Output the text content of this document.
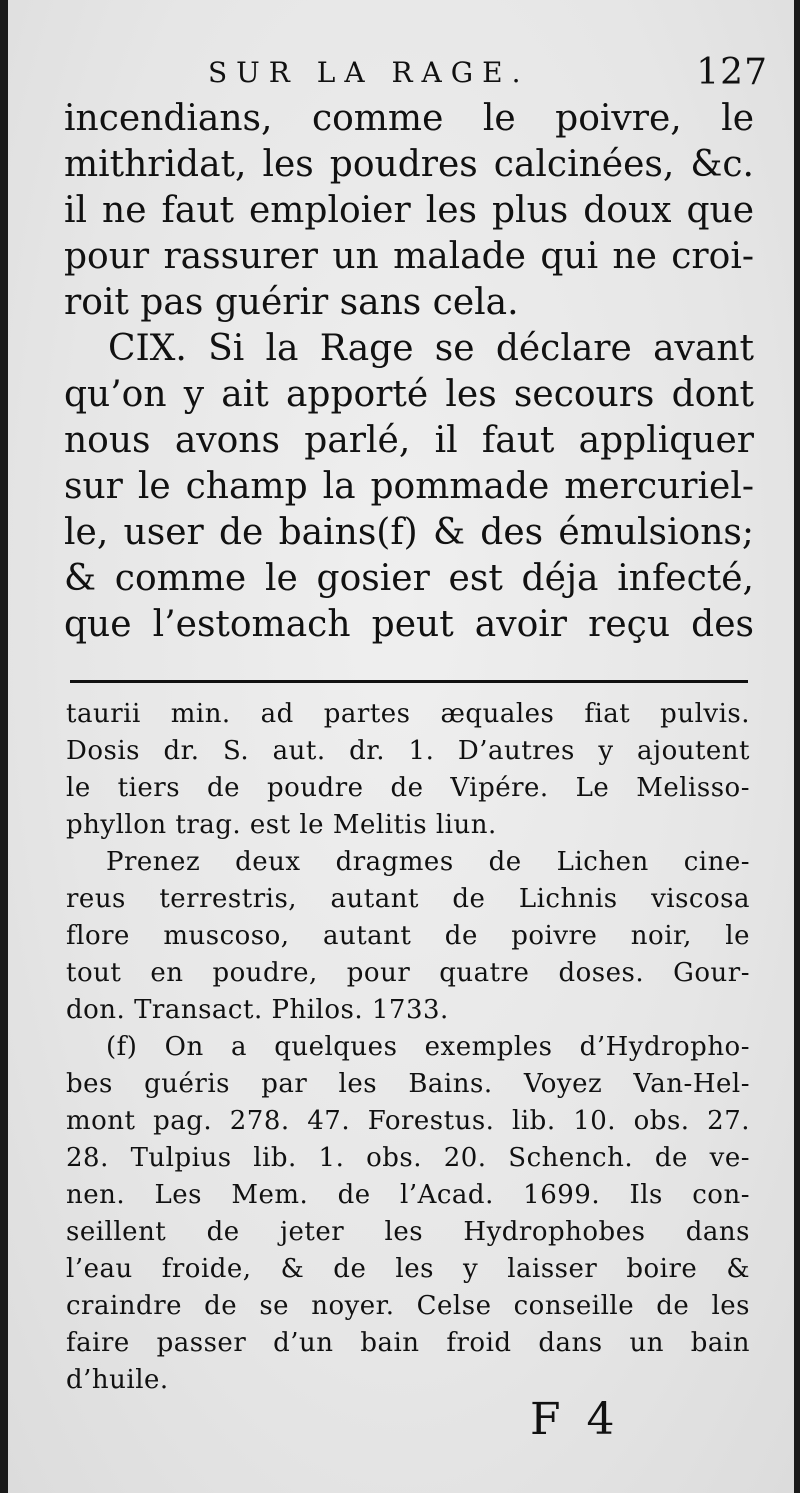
SUR LA RAGE.	127
incendians, comme le poivre, le
mithridat, les poudres calcinées, &c.
il ne faut emploier les plus doux que
pour rassurer un malade qui ne croi-
roit pas guérir sans cela.
CIX. Si la Rage se déclare avant
qu’on y ait apporté les secours dont
nous avons parlé, il faut appliquer
sur le champ la pommade mercuriel-
le, user de bains(f) & des émulsions;
& comme le gosier est déja infecté,
que l’estomach peut avoir reçu des
taurii min. ad partes æquales fiat pulvis.
Dosis dr. S. aut. dr. 1. D’autres y ajoutent
le tiers de poudre de Vipére. Le Melisso-
phyllon trag. est le Melitis liun.
Prenez deux dragmes de Lichen cine-
reus terrestris, autant de Lichnis viscosa
flore muscoso, autant de poivre noir, le
tout en poudre, pour quatre doses. Gour-
don. Transact. Philos. 1733.
(f) On a quelques exemples d’Hydropho-
bes guéris par les Bains. Voyez Van-Hel-
mont pag. 278. 47. Forestus. lib. 10. obs. 27.
28. Tulpius lib. 1. obs. 20. Schench. de ve-
nen. Les Mem. de l’Acad. 1699. Ils con-
seillent de jeter les Hydrophobes dans
l’eau froide, & de les y laisser boire &
craindre de se noyer. Celse conseille de les
faire passer d’un bain froid dans un bain
d’huile.
F 4
